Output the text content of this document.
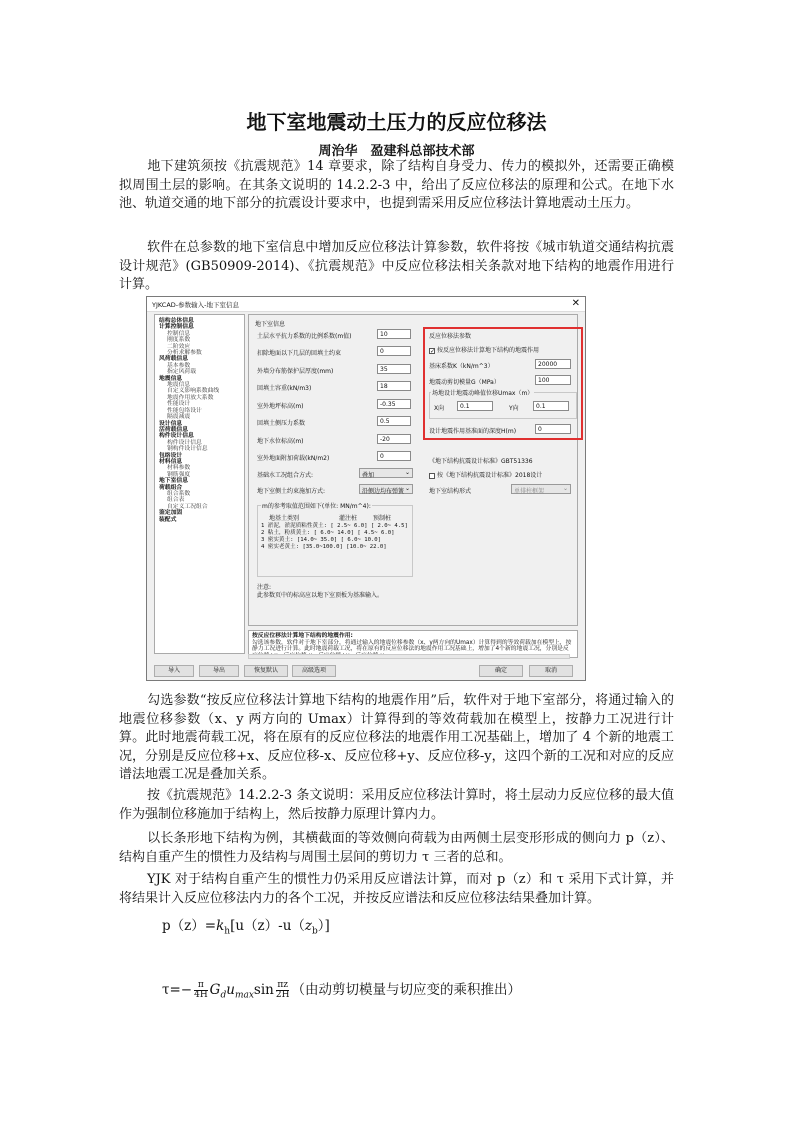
地下室地震动土压力的反应位移法
周治华　盈建科总部技术部
地下建筑须按《抗震规范》14 章要求，除了结构自身受力、传力的模拟外，还需要正确模拟周围土层的影响。在其条文说明的 14.2.2-3 中，给出了反应位移法的原理和公式。在地下水池、轨道交通的地下部分的抗震设计要求中，也提到需采用反应位移法计算地震动土压力。
软件在总参数的地下室信息中增加反应位移法计算参数，软件将按《城市轨道交通结构抗震设计规范》(GB50909-2014)、《抗震规范》中反应位移法相关条款对地下结构的地震作用进行计算。
YJKCAD-参数输入-地下室信息	✕
结构总体信息
计算控制信息
控制信息
刚度系数
二阶效应
分析求解参数
风荷载信息
基本参数
指定风荷载
地震信息
地震信息
自定义影响系数曲线
地震作用放大系数
性能设计
性能包络设计
隔震减震
设计信息
活荷载信息
构件设计信息
构件设计信息
钢构件设计信息
包络设计
材料信息
材料参数
钢筋强度
地下室信息
荷载组合
组合系数
组合表
自定义工况组合
鉴定加固
装配式
地下室信息
土层水平抗力系数的比例系数(m值)	10
扣除地面以下几层的回填土约束	0
外墙分布筋保护层厚度(mm)	35
回填土容重(kN/m3)	18
室外地坪标高(m)	-0.35
回填土侧压力系数	0.5
地下水位标高(m)	-20
室外地面附加荷载(kN/m2)	0
基础水工况组合方式:	叠加	⌄
地下室侧土约束施加方式:	沿侧边均布弹簧 ⌄
《地下结构抗震设计标准》GBT51336
按《地下结构抗震设计标准》2018设计
地下室结构形式	单排柱框架	⌄
m的参考取值范围如下(单位: MN/m^4):
地基土类别	灌注桩	预制桩
1 淤泥，淤泥质粘性黄土: [ 2.5~ 6.0] [ 2.0~ 4.5]
2 粘土，粉质黄土: [ 6.0~ 14.0] [ 4.5~ 6.0]
3 密实黄土: [14.0~ 35.0] [ 6.0~ 10.0]
4 密实老黄土: [35.0~100.0] [10.0~ 22.0]
注意:
此参数页中的标高应以地下室顶板为基准输入。
反应位移法参数
✓ 按反应位移法计算地下结构的地震作用
基床系数K（kN/m^3）	20000
地震动剪切模量G（MPa）	100
场地设计地震动峰值位移Umax（m）
X向	0.1	Y向	0.1
设计地震作用基准面的深度H(m)	0
按反应位移法计算地下结构的地震作用:
勾选该参数，软件对于地下室部分，将通过输入的地震位移参数（x、y两方向的Umax）计算得到的等效荷载加在模型上，按静力工况进行计算。此时地震荷载工况，将在原有的反应位移法的地震作用工况基础上，增加了4个新的地震工况，分别是反
导入	导出	恢复默认	高级选项	确定	取消
勾选参数“按反应位移法计算地下结构的地震作用”后，软件对于地下室部分，将通过输入的地震位移参数（x、y 两方向的 Umax）计算得到的等效荷载加在模型上，按静力工况进行计算。此时地震荷载工况，将在原有的反应位移法的地震作用工况基础上，增加了 4 个新的地震工况，分别是反应位移+x、反应位移-x、反应位移+y、反应位移-y，这四个新的工况和对应的反应谱法地震工况是叠加关系。
按《抗震规范》14.2.2-3 条文说明：采用反应位移法计算时，将土层动力反应位移的最大值作为强制位移施加于结构上，然后按静力原理计算内力。
以长条形地下结构为例，其横截面的等效侧向荷载为由两侧土层变形形成的侧向力 p（z）、结构自重产生的惯性力及结构与周围土层间的剪切力 τ 三者的总和。
YJK 对于结构自重产生的惯性力仍采用反应谱法计算，而对 p（z）和 τ 采用下式计算，并将结果计入反应位移法内力的各个工况，并按反应谱法和反应位移法结果叠加计算。
$p(z)=k_h[u(z)-u(z_b)]$
$\tau=- \frac{\pi}{4H} G_du_{max}\sin \frac{\pi z}{2H}$ （由动剪切模量与切应变的乘积推出）
